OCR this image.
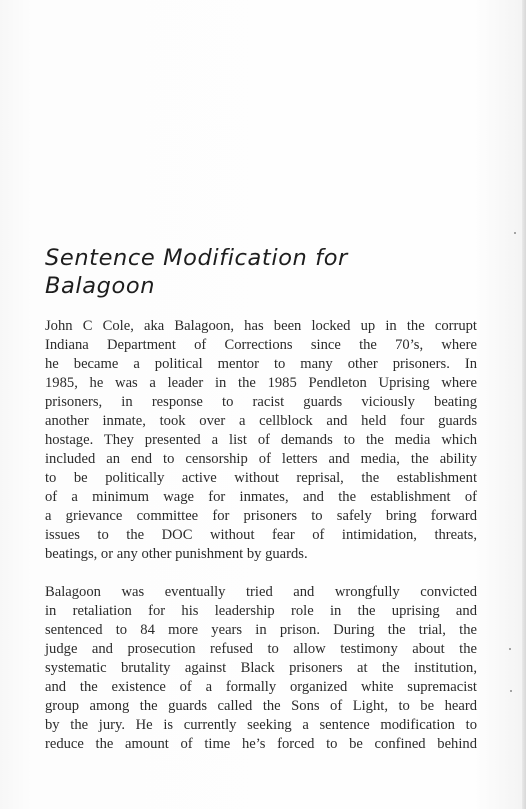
Sentence Modification for
Balagoon
John C Cole, aka Balagoon, has been locked up in the corrupt
Indiana Department of Corrections since the 70’s, where
he became a political mentor to many other prisoners. In
1985, he was a leader in the 1985 Pendleton Uprising where
prisoners, in response to racist guards viciously beating
another inmate, took over a cellblock and held four guards
hostage. They presented a list of demands to the media which
included an end to censorship of letters and media, the ability
to be politically active without reprisal, the establishment
of a minimum wage for inmates, and the establishment of
a grievance committee for prisoners to safely bring forward
issues to the DOC without fear of intimidation, threats,
beatings, or any other punishment by guards.
Balagoon was eventually tried and wrongfully convicted
in retaliation for his leadership role in the uprising and
sentenced to 84 more years in prison. During the trial, the
judge and prosecution refused to allow testimony about the
systematic brutality against Black prisoners at the institution,
and the existence of a formally organized white supremacist
group among the guards called the Sons of Light, to be heard
by the jury. He is currently seeking a sentence modification to
reduce the amount of time he’s forced to be confined behind
